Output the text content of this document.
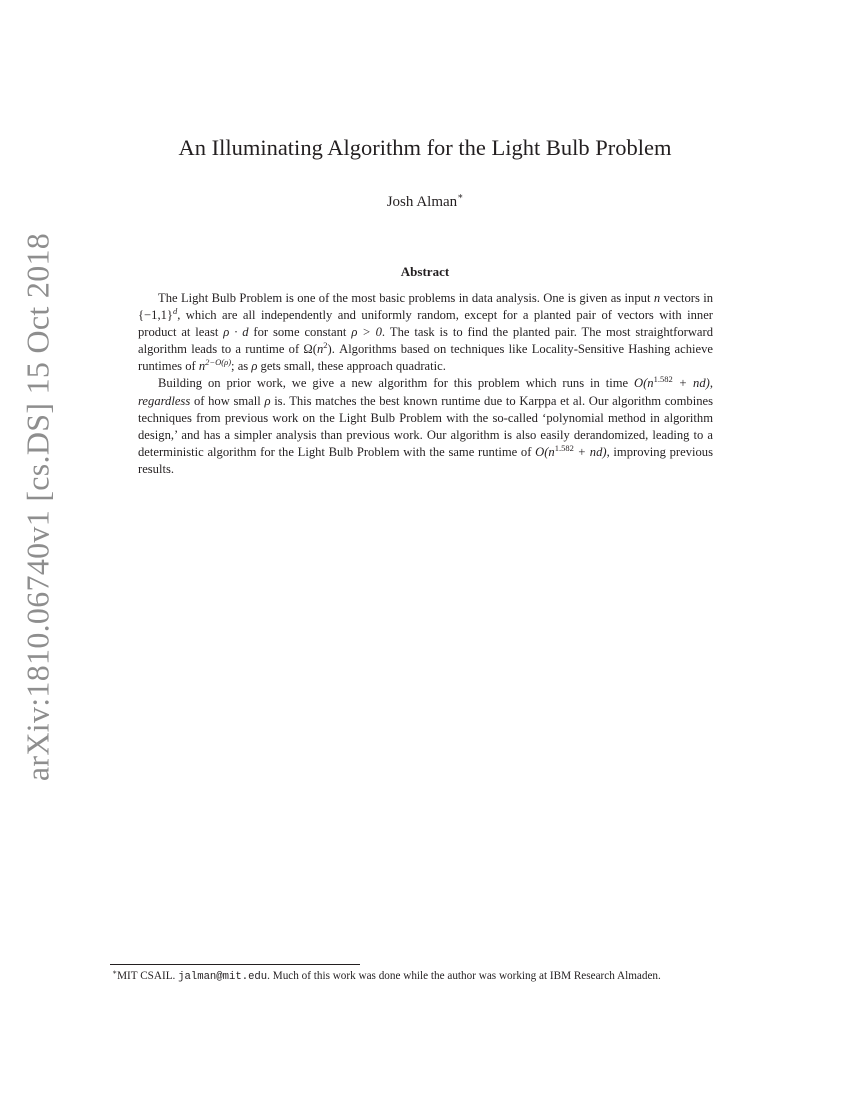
arXiv:1810.06740v1 [cs.DS] 15 Oct 2018
An Illuminating Algorithm for the Light Bulb Problem
Josh Alman∗
Abstract

The Light Bulb Problem is one of the most basic problems in data analysis. One is given as input n vectors in $\{-1,1\}^d$, which are all independently and uniformly random, except for a planted pair of vectors with inner product at least ρ · d for some constant ρ > 0. The task is to find the planted pair. The most straightforward algorithm leads to a runtime of $\Omega(n^2)$. Algorithms based on techniques like Locality-Sensitive Hashing achieve runtimes of $n^{2-O(\rho)}$; as ρ gets small, these approach quadratic.

Building on prior work, we give a new algorithm for this problem which runs in time $O(n^{1.582} + nd)$, regardless of how small ρ is. This matches the best known runtime due to Karppa et al. Our algorithm combines techniques from previous work on the Light Bulb Problem with the so-called ‘polynomial method in algorithm design,’ and has a simpler analysis than previous work. Our algorithm is also easily derandomized, leading to a deterministic algorithm for the Light Bulb Problem with the same runtime of $O(n^{1.582} + nd)$, improving previous results.

∗MIT CSAIL. jalman@mit.edu. Much of this work was done while the author was working at IBM Research Almaden.
